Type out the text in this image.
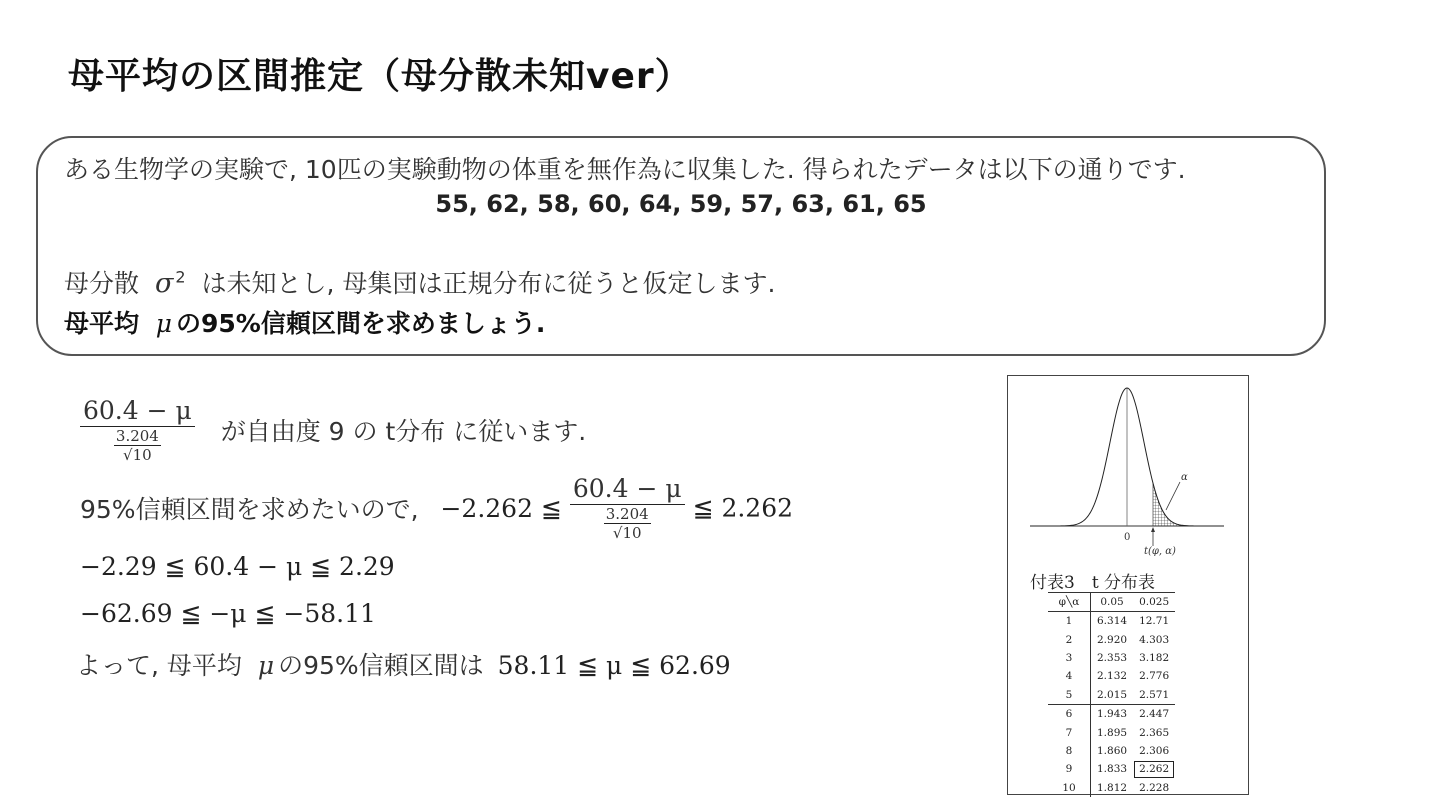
母平均の区間推定（母分散未知ver）
ある生物学の実験で, 10匹の実験動物の体重を無作為に収集した. 得られたデータは以下の通りです.
55, 62, 58, 60, 64, 59, 57, 63, 61, 65
母分散 σ $^2$ は未知とし, 母集団は正規分布に従うと仮定します.
母平均 μ の95%信頼区間を求めましょう.
$\frac{60.4 - \mu}{\frac{3.204}{√10}}$ が自由度 9 の t分布 に従います.
95%信頼区間を求めたいので, −2.262 ≦ $\frac{60.4 - \mu}{\frac{3.204}{√10}}$ ≦ 2.262
−2.29 ≦ 60.4 − μ ≦ 2.29
−62.69 ≦ −μ ≦ −58.11
よって, 母平均 μ の95%信頼区間は 58.11 ≦ μ ≦ 62.69
0
α
t(φ, α)
付表3　t 分布表
φ╲α	0.05	0.025
1	6.314	12.71
2	2.920	4.303
3	2.353	3.182
4	2.132	2.776
5	2.015	2.571
6	1.943	2.447
7	1.895	2.365
8	1.860	2.306
9	1.833	2.262
10	1.812	2.228
